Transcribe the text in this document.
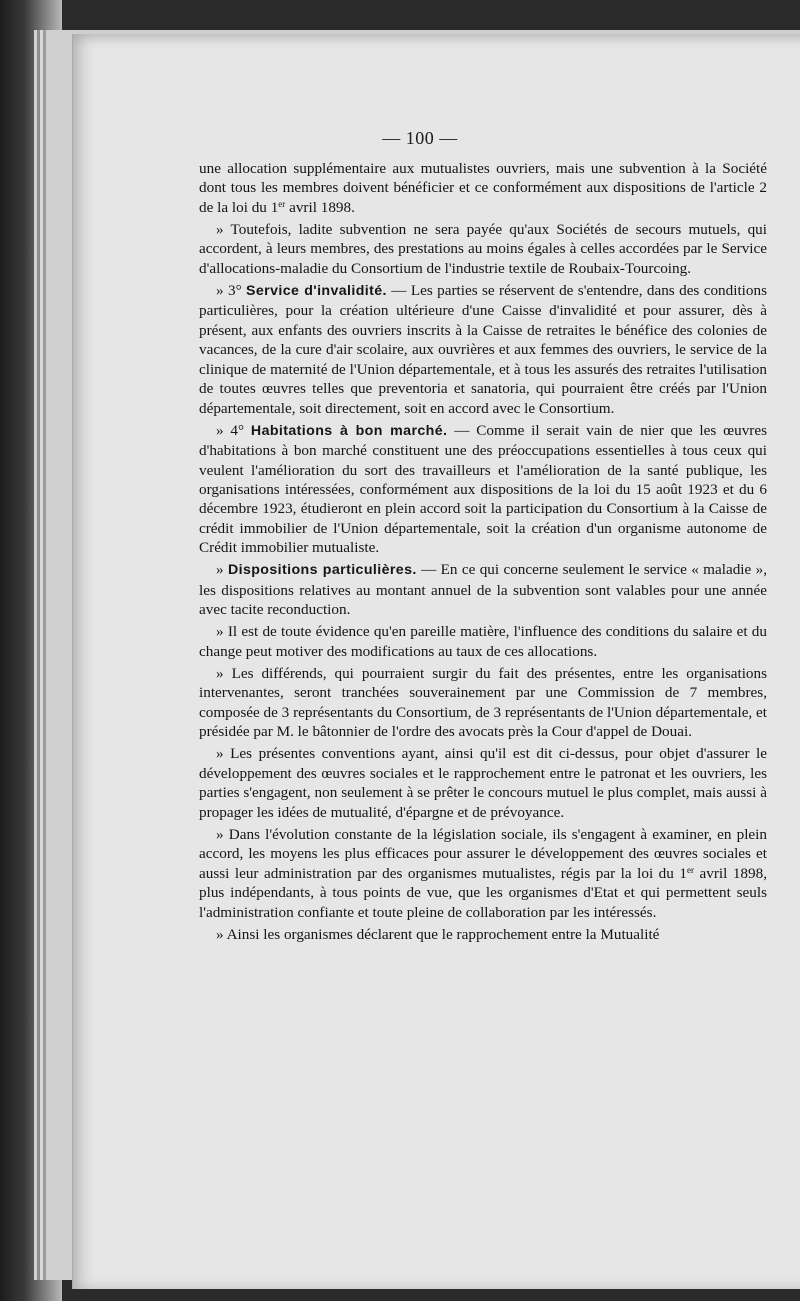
— 100 —

une allocation supplémentaire aux mutualistes ouvriers, mais une subvention à la Société dont tous les membres doivent bénéficier et ce conformément aux dispositions de l'article 2 de la loi du 1er avril 1898.

» Toutefois, ladite subvention ne sera payée qu'aux Sociétés de secours mutuels, qui accordent, à leurs membres, des prestations au moins égales à celles accordées par le Service d'allocations-maladie du Consortium de l'industrie textile de Roubaix-Tourcoing.

» 3° Service d'invalidité. — Les parties se réservent de s'entendre, dans des conditions particulières, pour la création ultérieure d'une Caisse d'invalidité et pour assurer, dès à présent, aux enfants des ouvriers inscrits à la Caisse de retraites le bénéfice des colonies de vacances, de la cure d'air scolaire, aux ouvrières et aux femmes des ouvriers, le service de la clinique de maternité de l'Union départementale, et à tous les assurés des retraites l'utilisation de toutes œuvres telles que preventoria et sanatoria, qui pourraient être créés par l'Union départementale, soit directement, soit en accord avec le Consortium.

» 4° Habitations à bon marché. — Comme il serait vain de nier que les œuvres d'habitations à bon marché constituent une des préoccupations essentielles à tous ceux qui veulent l'amélioration du sort des travailleurs et l'amélioration de la santé publique, les organisations intéressées, conformément aux dispositions de la loi du 15 août 1923 et du 6 décembre 1923, étudieront en plein accord soit la participation du Consortium à la Caisse de crédit immobilier de l'Union départementale, soit la création d'un organisme autonome de Crédit immobilier mutualiste.

» Dispositions particulières. — En ce qui concerne seulement le service « maladie », les dispositions relatives au montant annuel de la subvention sont valables pour une année avec tacite reconduction.

» Il est de toute évidence qu'en pareille matière, l'influence des conditions du salaire et du change peut motiver des modifications au taux de ces allocations.

» Les différends, qui pourraient surgir du fait des présentes, entre les organisations intervenantes, seront tranchées souverainement par une Commission de 7 membres, composée de 3 représentants du Consortium, de 3 représentants de l'Union départementale, et présidée par M. le bâtonnier de l'ordre des avocats près la Cour d'appel de Douai.

» Les présentes conventions ayant, ainsi qu'il est dit ci-dessus, pour objet d'assurer le développement des œuvres sociales et le rapprochement entre le patronat et les ouvriers, les parties s'engagent, non seulement à se prêter le concours mutuel le plus complet, mais aussi à propager les idées de mutualité, d'épargne et de prévoyance.

» Dans l'évolution constante de la législation sociale, ils s'engagent à examiner, en plein accord, les moyens les plus efficaces pour assurer le développement des œuvres sociales et aussi leur administration par des organismes mutualistes, régis par la loi du 1er avril 1898, plus indépendants, à tous points de vue, que les organismes d'Etat et qui permettent seuls l'administration confiante et toute pleine de collaboration par les intéressés.

» Ainsi les organismes déclarent que le rapprochement entre la Mutualité
